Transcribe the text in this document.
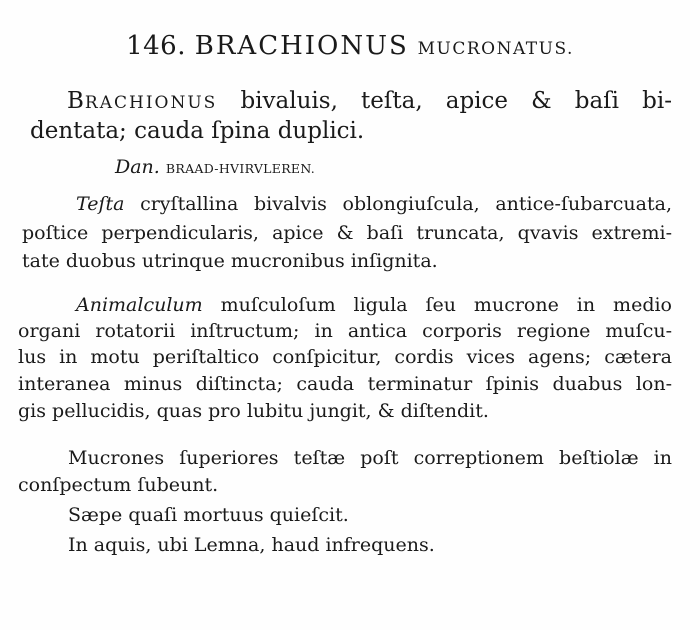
146. BRACHIONUS MUCRONATUS.
BRACHIONUS bivaluis, teſta, apice & baſi bi-
dentata; cauda ſpina duplici.
Dan. BRAAD-HVIRVLEREN.
Teſta cryſtallina bivalvis oblongiuſcula, antice-ſubarcuata,
poſtice perpendicularis, apice & baſi truncata, qvavis extremi-
tate duobus utrinque mucronibus inſignita.
Animalculum muſculoſum ligula ſeu mucrone in medio
organi rotatorii inſtructum; in antica corporis regione muſcu-
lus in motu periſtaltico conſpicitur, cordis vices agens; cætera
interanea minus diſtincta; cauda terminatur ſpinis duabus lon-
gis pellucidis, quas pro lubitu jungit, & diſtendit.
Mucrones ſuperiores teſtæ poſt correptionem beſtiolæ in
conſpectum ſubeunt.
Sæpe quaſi mortuus quieſcit.
In aquis, ubi Lemna, haud infrequens.
